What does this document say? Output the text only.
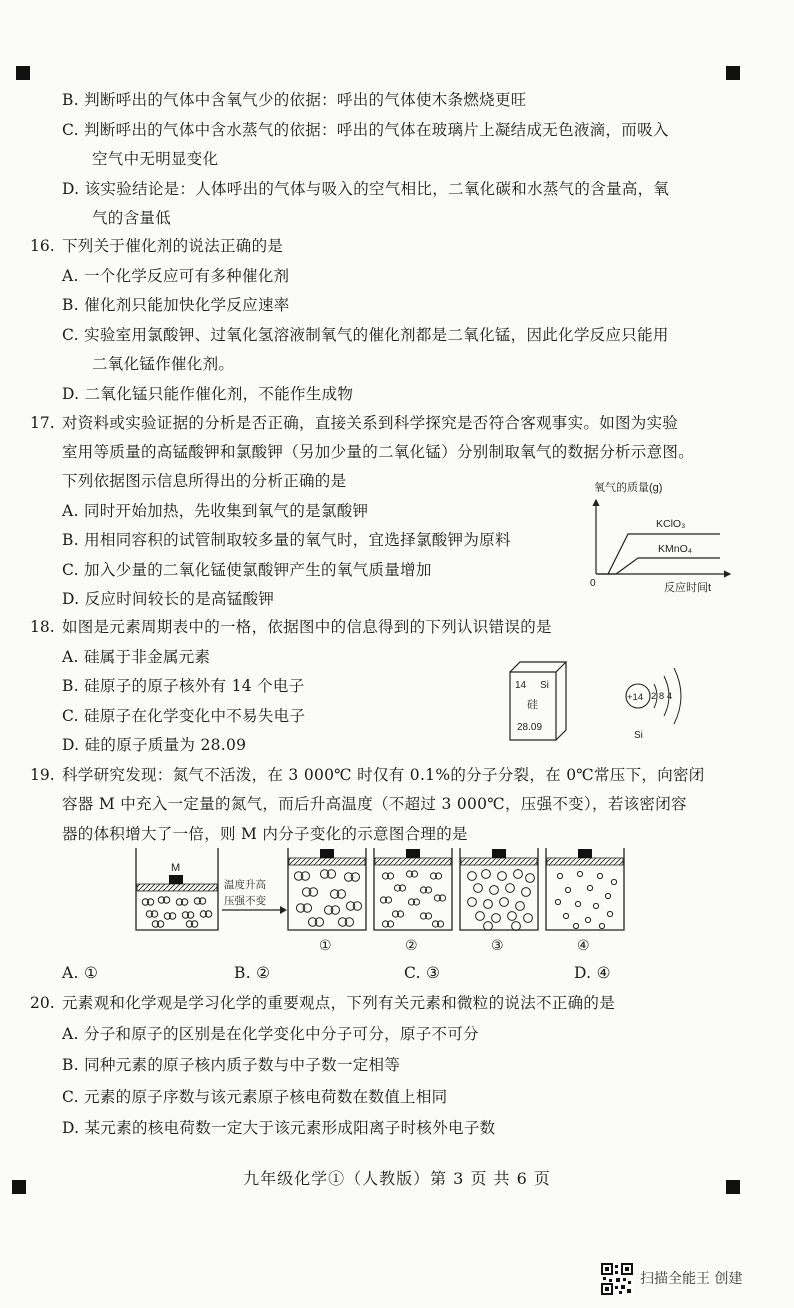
B. 判断呼出的气体中含氧气少的依据：呼出的气体使木条燃烧更旺
C. 判断呼出的气体中含水蒸气的依据：呼出的气体在玻璃片上凝结成无色液滴，而吸入
空气中无明显变化
D. 该实验结论是：人体呼出的气体与吸入的空气相比，二氧化碳和水蒸气的含量高，氧
气的含量低
16. 下列关于催化剂的说法正确的是
A. 一个化学反应可有多种催化剂
B. 催化剂只能加快化学反应速率
C. 实验室用氯酸钾、过氧化氢溶液制氧气的催化剂都是二氧化锰，因此化学反应只能用
二氧化锰作催化剂。
D. 二氧化锰只能作催化剂，不能作生成物
17. 对资料或实验证据的分析是否正确，直接关系到科学探究是否符合客观事实。如图为实验
室用等质量的高锰酸钾和氯酸钾（另加少量的二氧化锰）分别制取氧气的数据分析示意图。
下列依据图示信息所得出的分析正确的是
A. 同时开始加热，先收集到氧气的是氯酸钾
B. 用相同容积的试管制取较多量的氧气时，宜选择氯酸钾为原料
C. 加入少量的二氧化锰使氯酸钾产生的氧气质量增加
D. 反应时间较长的是高锰酸钾
氧气的质量(g)
反应时间t
0
KClO₃
KMnO₄
18. 如图是元素周期表中的一格，依据图中的信息得到的下列认识错误的是
A. 硅属于非金属元素
B. 硅原子的原子核外有 14 个电子
C. 硅原子在化学变化中不易失电子
D. 硅的原子质量为 28.09
14 Si
硅
28.09
+14 2 8 4
Si
19. 科学研究发现：氮气不活泼，在 3 000℃ 时仅有 0.1%的分子分裂，在 0℃常压下，向密闭
容器 M 中充入一定量的氮气，而后升高温度（不超过 3 000℃，压强不变），若该密闭容
器的体积增大了一倍，则 M 内分子变化的示意图合理的是
M
温度升高
压强不变
①	②	③	④
A. ①	B. ②	C. ③	D. ④
20. 元素观和化学观是学习化学的重要观点，下列有关元素和微粒的说法不正确的是
A. 分子和原子的区别是在化学变化中分子可分，原子不可分
B. 同种元素的原子核内质子数与中子数一定相等
C. 元素的原子序数与该元素原子核电荷数在数值上相同
D. 某元素的核电荷数一定大于该元素形成阳离子时核外电子数
九年级化学①（人教版）第 3 页 共 6 页
扫描全能王 创建
